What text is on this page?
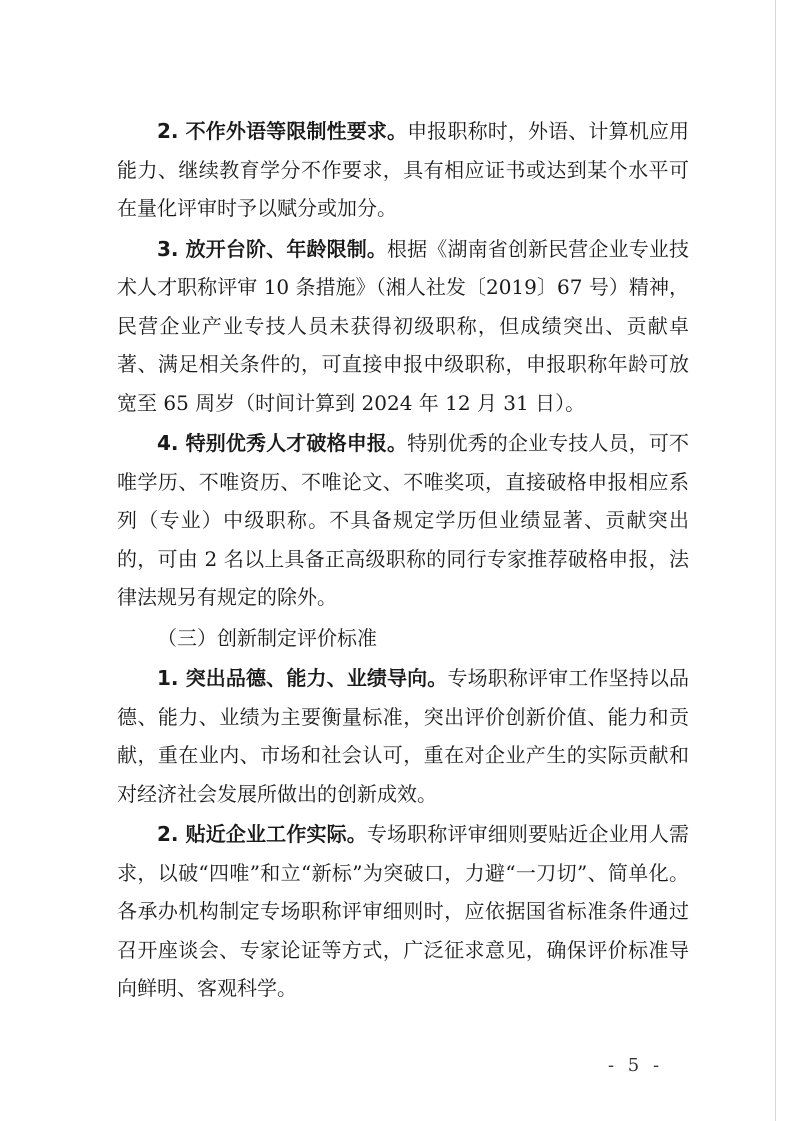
2. 不作外语等限制性要求。申报职称时，外语、计算机应用能力、继续教育学分不作要求，具有相应证书或达到某个水平可在量化评审时予以赋分或加分。

3. 放开台阶、年龄限制。根据《湖南省创新民营企业专业技术人才职称评审 10 条措施》（湘人社发〔2019〕67 号）精神，民营企业产业专技人员未获得初级职称，但成绩突出、贡献卓著、满足相关条件的，可直接申报中级职称，申报职称年龄可放宽至 65 周岁（时间计算到 2024 年 12 月 31 日）。

4. 特别优秀人才破格申报。特别优秀的企业专技人员，可不唯学历、不唯资历、不唯论文、不唯奖项，直接破格申报相应系列（专业）中级职称。不具备规定学历但业绩显著、贡献突出的，可由 2 名以上具备正高级职称的同行专家推荐破格申报，法律法规另有规定的除外。

（三）创新制定评价标准

1. 突出品德、能力、业绩导向。专场职称评审工作坚持以品德、能力、业绩为主要衡量标准，突出评价创新价值、能力和贡献，重在业内、市场和社会认可，重在对企业产生的实际贡献和对经济社会发展所做出的创新成效。

2. 贴近企业工作实际。专场职称评审细则要贴近企业用人需求，以破“四唯”和立“新标”为突破口，力避“一刀切”、简单化。各承办机构制定专场职称评审细则时，应依据国省标准条件通过召开座谈会、专家论证等方式，广泛征求意见，确保评价标准导向鲜明、客观科学。

- 5 -
